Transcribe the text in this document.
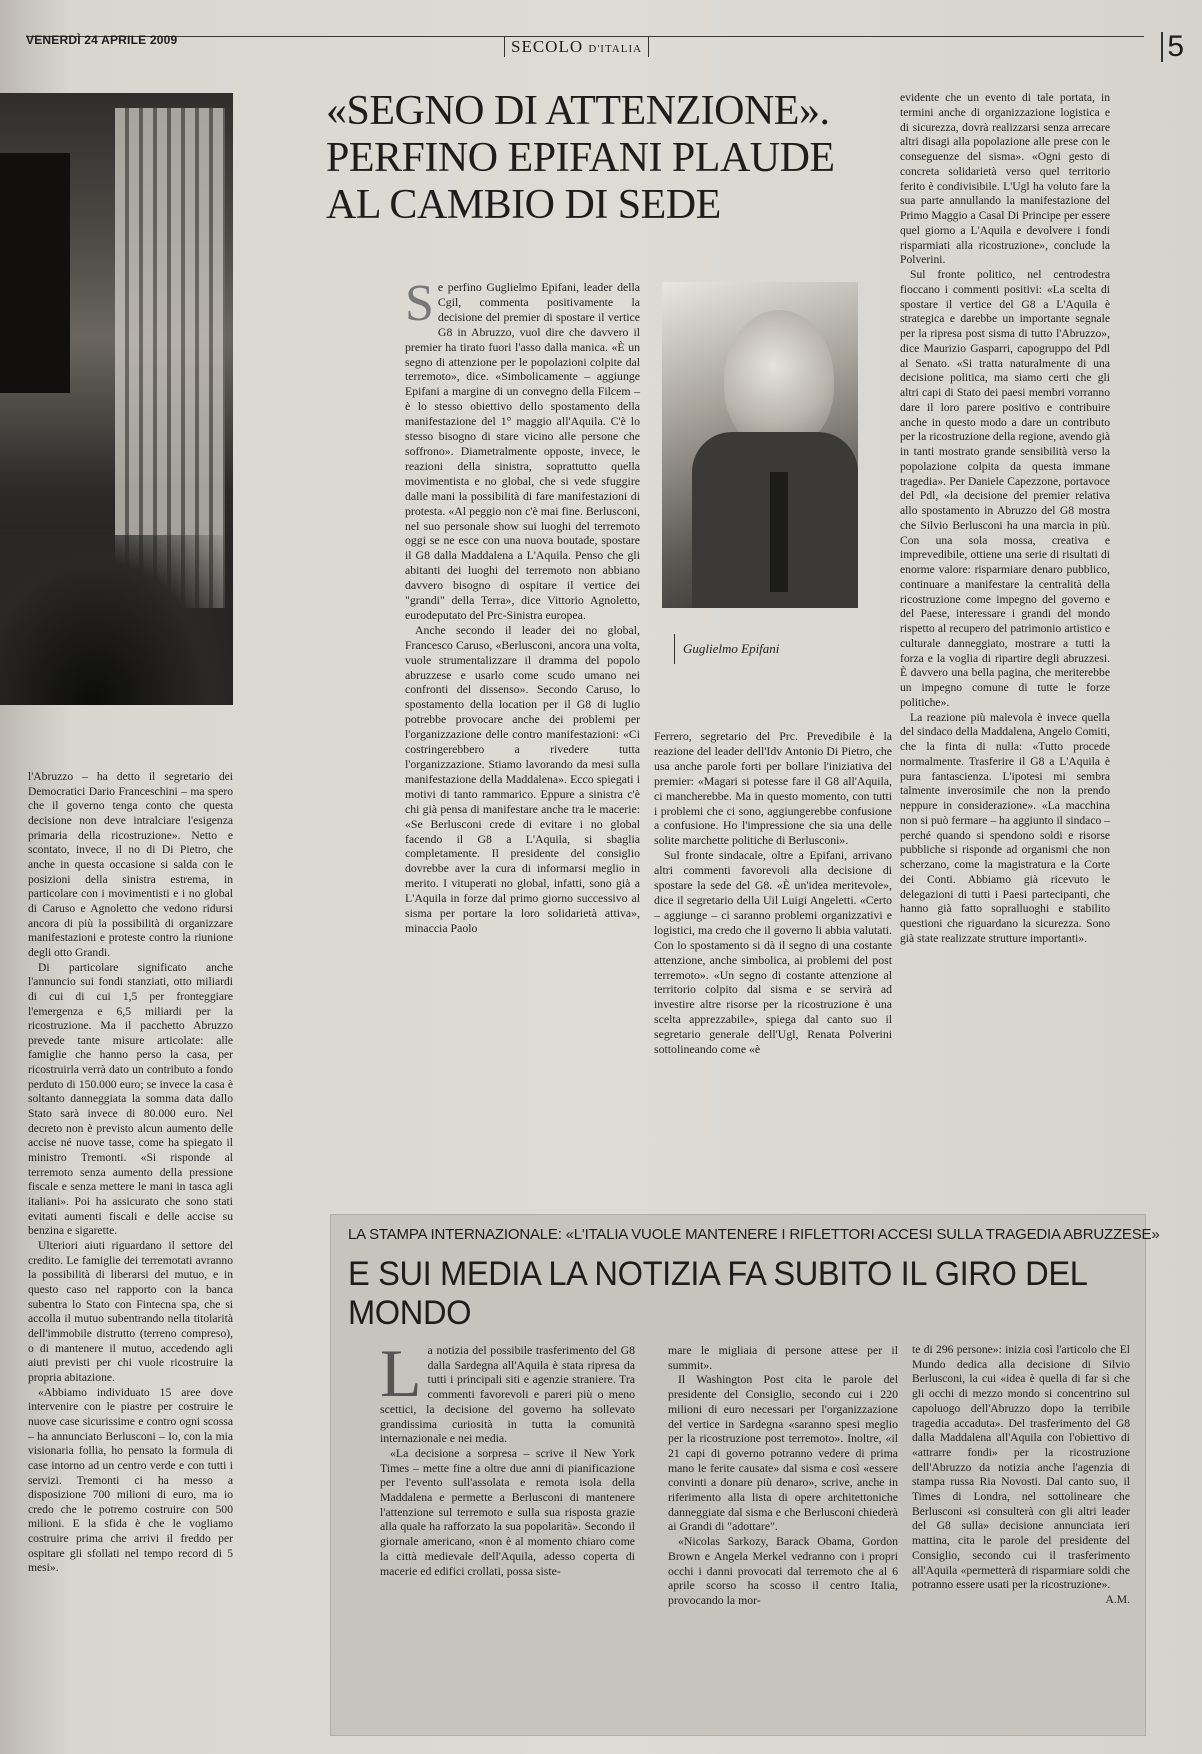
VENERDÌ 24 APRILE 2009	SECOLO D'ITALIA	5
«SEGNO DI ATTENZIONE». PERFINO EPIFANI PLAUDE AL CAMBIO DI SEDE

l'Abruzzo – ha detto il segretario dei Democratici Dario Franceschini – ma spero che il governo tenga conto che questa decisione non deve intralciare l'esigenza primaria della ricostruzione». Netto e scontato, invece, il no di Di Pietro, che anche in questa occasione si salda con le posizioni della sinistra estrema, in particolare con i movimentisti e i no global di Caruso e Agnoletto che vedono ridursi ancora di più la possibilità di organizzare manifestazioni e proteste contro la riunione degli otto Grandi.

Di particolare significato anche l'annuncio sui fondi stanziati, otto miliardi di cui di cui 1,5 per fronteggiare l'emergenza e 6,5 miliardi per la ricostruzione. Ma il pacchetto Abruzzo prevede tante misure articolate: alle famiglie che hanno perso la casa, per ricostruirla verrà dato un contributo a fondo perduto di 150.000 euro; se invece la casa è soltanto danneggiata la somma data dallo Stato sarà invece di 80.000 euro. Nel decreto non è previsto alcun aumento delle accise né nuove tasse, come ha spiegato il ministro Tremonti. «Si risponde al terremoto senza aumento della pressione fiscale e senza mettere le mani in tasca agli italiani». Poi ha assicurato che sono stati evitati aumenti fiscali e delle accise su benzina e sigarette.

Ulteriori aiuti riguardano il settore del credito. Le famiglie dei terremotati avranno la possibilità di liberarsi del mutuo, e in questo caso nel rapporto con la banca subentra lo Stato con Fintecna spa, che si accolla il mutuo subentrando nella titolarità dell'immobile distrutto (terreno compreso), o di mantenere il mutuo, accedendo agli aiuti previsti per chi vuole ricostruire la propria abitazione.

«Abbiamo individuato 15 aree dove intervenire con le piastre per costruire le nuove case sicurissime e contro ogni scossa – ha annunciato Berlusconi – Io, con la mia visionaria follia, ho pensato la formula di case intorno ad un centro verde e con tutti i servizi. Tremonti ci ha messo a disposizione 700 milioni di euro, ma io credo che le potremo costruire con 500 milioni. E la sfida è che le vogliamo costruire prima che arrivi il freddo per ospitare gli sfollati nel tempo record di 5 mesi».

Se perfino Guglielmo Epifani, leader della Cgil, commenta positivamente la decisione del premier di spostare il vertice G8 in Abruzzo, vuol dire che davvero il premier ha tirato fuori l'asso dalla manica. «È un segno di attenzione per le popolazioni colpite dal terremoto», dice. «Simbolicamente – aggiunge Epifani a margine di un convegno della Filcem – è lo stesso obiettivo dello spostamento della manifestazione del 1° maggio all'Aquila. C'è lo stesso bisogno di stare vicino alle persone che soffrono». Diametralmente opposte, invece, le reazioni della sinistra, soprattutto quella movimentista e no global, che si vede sfuggire dalle mani la possibilità di fare manifestazioni di protesta. «Al peggio non c'è mai fine. Berlusconi, nel suo personale show sui luoghi del terremoto oggi se ne esce con una nuova boutade, spostare il G8 dalla Maddalena a L'Aquila. Penso che gli abitanti dei luoghi del terremoto non abbiano davvero bisogno di ospitare il vertice dei "grandi" della Terra», dice Vittorio Agnoletto, eurodeputato del Prc-Sinistra europea.

Anche secondo il leader dei no global, Francesco Caruso, «Berlusconi, ancora una volta, vuole strumentalizzare il dramma del popolo abruzzese e usarlo come scudo umano nei confronti del dissenso». Secondo Caruso, lo spostamento della location per il G8 di luglio potrebbe provocare anche dei problemi per l'organizzazione delle contro manifestazioni: «Ci costringerebbero a rivedere tutta l'organizzazione. Stiamo lavorando da mesi sulla manifestazione della Maddalena». Ecco spiegati i motivi di tanto rammarico. Eppure a sinistra c'è chi già pensa di manifestare anche tra le macerie: «Se Berlusconi crede di evitare i no global facendo il G8 a L'Aquila, si sbaglia completamente. Il presidente del consiglio dovrebbe aver la cura di informarsi meglio in merito. I vituperati no global, infatti, sono già a L'Aquila in forze dal primo giorno successivo al sisma per portare la loro solidarietà attiva», minaccia Paolo

Guglielmo Epifani

Ferrero, segretario del Prc. Prevedibile è la reazione del leader dell'Idv Antonio Di Pietro, che usa anche parole forti per bollare l'iniziativa del premier: «Magari si potesse fare il G8 all'Aquila, ci mancherebbe. Ma in questo momento, con tutti i problemi che ci sono, aggiungerebbe confusione a confusione. Ho l'impressione che sia una delle solite marchette politiche di Berlusconi».

Sul fronte sindacale, oltre a Epifani, arrivano altri commenti favorevoli alla decisione di spostare la sede del G8. «È un'idea meritevole», dice il segretario della Uil Luigi Angeletti. «Certo – aggiunge – ci saranno problemi organizzativi e logistici, ma credo che il governo li abbia valutati. Con lo spostamento si dà il segno di una costante attenzione, anche simbolica, ai problemi del post terremoto». «Un segno di costante attenzione al territorio colpito dal sisma e se servirà ad investire altre risorse per la ricostruzione è una scelta apprezzabile», spiega dal canto suo il segretario generale dell'Ugl, Renata Polverini sottolineando come «è

evidente che un evento di tale portata, in termini anche di organizzazione logistica e di sicurezza, dovrà realizzarsi senza arrecare altri disagi alla popolazione alle prese con le conseguenze del sisma». «Ogni gesto di concreta solidarietà verso quel territorio ferito è condivisibile. L'Ugl ha voluto fare la sua parte annullando la manifestazione del Primo Maggio a Casal Di Principe per essere quel giorno a L'Aquila e devolvere i fondi risparmiati alla ricostruzione», conclude la Polverini.

Sul fronte politico, nel centrodestra fioccano i commenti positivi: «La scelta di spostare il vertice del G8 a L'Aquila è strategica e darebbe un importante segnale per la ripresa post sisma di tutto l'Abruzzo», dice Maurizio Gasparri, capogruppo del Pdl al Senato. «Si tratta naturalmente di una decisione politica, ma siamo certi che gli altri capi di Stato dei paesi membri vorranno dare il loro parere positivo e contribuire anche in questo modo a dare un contributo per la ricostruzione della regione, avendo già in tanti mostrato grande sensibilità verso la popolazione colpita da questa immane tragedia». Per Daniele Capezzone, portavoce del Pdl, «la decisione del premier relativa allo spostamento in Abruzzo del G8 mostra che Silvio Berlusconi ha una marcia in più. Con una sola mossa, creativa e imprevedibile, ottiene una serie di risultati di enorme valore: risparmiare denaro pubblico, continuare a manifestare la centralità della ricostruzione come impegno del governo e del Paese, interessare i grandi del mondo rispetto al recupero del patrimonio artistico e culturale danneggiato, mostrare a tutti la forza e la voglia di ripartire degli abruzzesi. È davvero una bella pagina, che meriterebbe un impegno comune di tutte le forze politiche».

La reazione più malevola è invece quella del sindaco della Maddalena, Angelo Comiti, che la finta di nulla: «Tutto procede normalmente. Trasferire il G8 a L'Aquila è pura fantascienza. L'ipotesi mi sembra talmente inverosimile che non la prendo neppure in considerazione». «La macchina non si può fermare – ha aggiunto il sindaco – perché quando si spendono soldi e risorse pubbliche si risponde ad organismi che non scherzano, come la magistratura e la Corte dei Conti. Abbiamo già ricevuto le delegazioni di tutti i Paesi partecipanti, che hanno già fatto sopralluoghi e stabilito questioni che riguardano la sicurezza. Sono già state realizzate strutture importanti».

LA STAMPA INTERNAZIONALE: «L'ITALIA VUOLE MANTENERE I RIFLETTORI ACCESI SULLA TRAGEDIA ABRUZZESE»
E SUI MEDIA LA NOTIZIA FA SUBITO IL GIRO DEL MONDO

La notizia del possibile trasferimento del G8 dalla Sardegna all'Aquila è stata ripresa da tutti i principali siti e agenzie straniere. Tra commenti favorevoli e pareri più o meno scettici, la decisione del governo ha sollevato grandissima curiosità in tutta la comunità internazionale e nei media.

«La decisione a sorpresa – scrive il New York Times – mette fine a oltre due anni di pianificazione per l'evento sull'assolata e remota isola della Maddalena e permette a Berlusconi di mantenere l'attenzione sul terremoto e sulla sua risposta grazie alla quale ha rafforzato la sua popolarità». Secondo il giornale americano, «non è al momento chiaro come la città medievale dell'Aquila, adesso coperta di macerie ed edifici crollati, possa siste-

mare le migliaia di persone attese per il summit».

Il Washington Post cita le parole del presidente del Consiglio, secondo cui i 220 milioni di euro necessari per l'organizzazione del vertice in Sardegna «saranno spesi meglio per la ricostruzione post terremoto». Inoltre, «il 21 capi di governo potranno vedere di prima mano le ferite causate» dal sisma e così «essere convinti a donare più denaro», scrive, anche in riferimento alla lista di opere architettoniche danneggiate dal sisma e che Berlusconi chiederà ai Grandi di "adottare".

«Nicolas Sarkozy, Barack Obama, Gordon Brown e Angela Merkel vedranno con i propri occhi i danni provocati dal terremoto che al 6 aprile scorso ha scosso il centro Italia, provocando la mor-

te di 296 persone»: inizia così l'articolo che El Mundo dedica alla decisione di Silvio Berlusconi, la cui «idea è quella di far sì che gli occhi di mezzo mondo si concentrino sul capoluogo dell'Abruzzo dopo la terribile tragedia accaduta». Del trasferimento del G8 dalla Maddalena all'Aquila con l'obiettivo di «attrarre fondi» per la ricostruzione dell'Abruzzo da notizia anche l'agenzia di stampa russa Ria Novosti. Dal canto suo, il Times di Londra, nel sottolineare che Berlusconi «si consulterà con gli altri leader del G8 sulla» decisione annunciata ieri mattina, cita le parole del presidente del Consiglio, secondo cui il trasferimento all'Aquila «permetterà di risparmiare soldi che potranno essere usati per la ricostruzione».

A.M.
